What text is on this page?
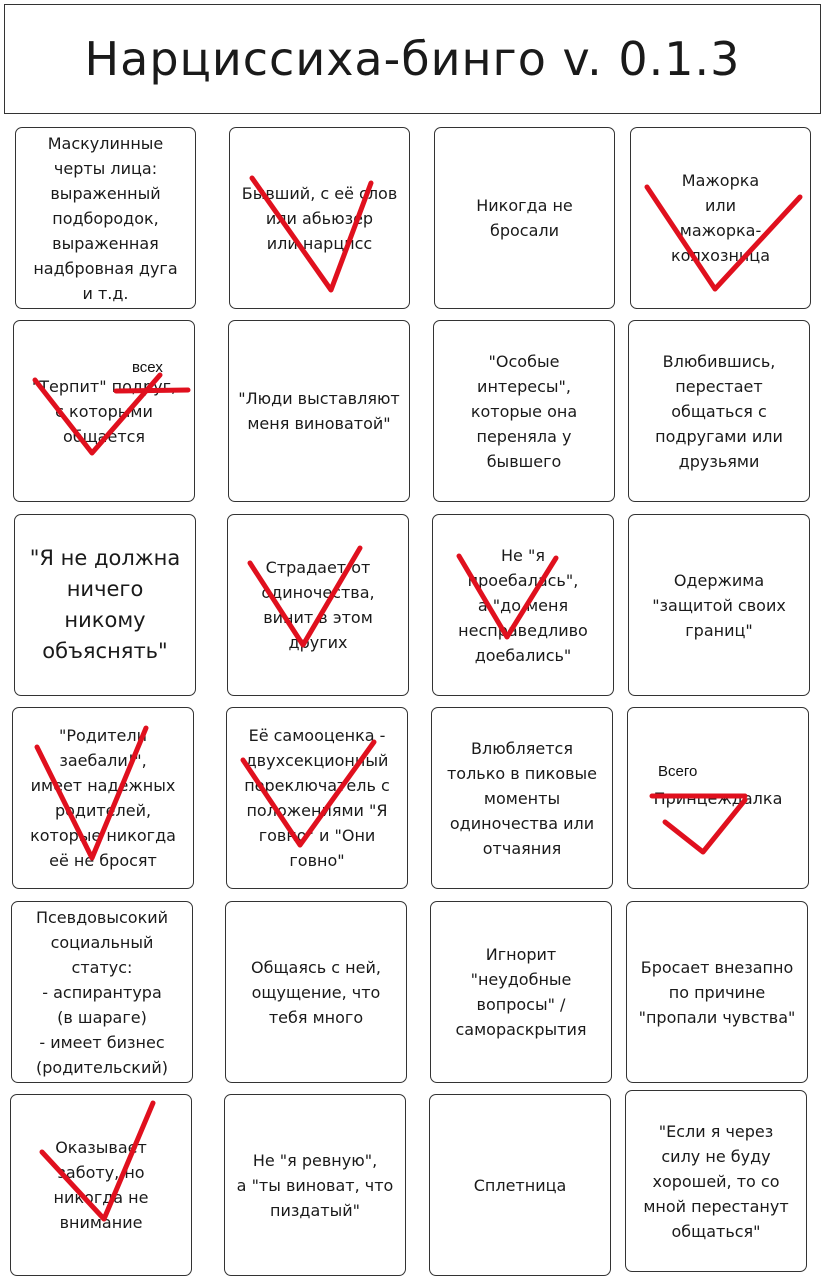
Нарциссиха-бинго v. 0.1.3
Маскулинные
черты лица:
выраженный
подбородок,
выраженная
надбровная дуга
и т.д.
Бывший, с её слов
или абьюзер
или нарцисс
Никогда не
бросали
Мажорка
или
мажорка-
колхозница
"Терпит" подруг,
с которыми
общается
"Люди выставляют
меня виноватой"
"Особые
интересы",
которые она
переняла у
бывшего
Влюбившись,
перестает
общаться с
подругами или
друзьями
"Я не должна
ничего
никому
объяснять"
Страдает от
одиночества,
винит в этом
других
Не "я
проебалась",
а "до меня
несправедливо
доебались"
Одержима
"защитой своих
границ"
"Родители
заебали!",
имеет надежных
родителей,
которые никогда
её не бросят
Её самооценка -
двухсекционный
переключатель с
положениями "Я
говно" и "Они
говно"
Влюбляется
только в пиковые
моменты
одиночества или
отчаяния
Принцеждалка
Псевдовысокий
социальный
статус:
- аспирантура
(в шараге)
- имеет бизнес
(родительский)
Общаясь с ней,
ощущение, что
тебя много
Игнорит
"неудобные
вопросы" /
самораскрытия
Бросает внезапно
по причине
"пропали чувства"
Оказывает
заботу, но
никогда не внимание
Не "я ревную",
а "ты виноват, что
пиздатый"
Сплетница
"Если я через
силу не буду
хорошей, то со
мной перестанут
общаться"
всех
Всего
